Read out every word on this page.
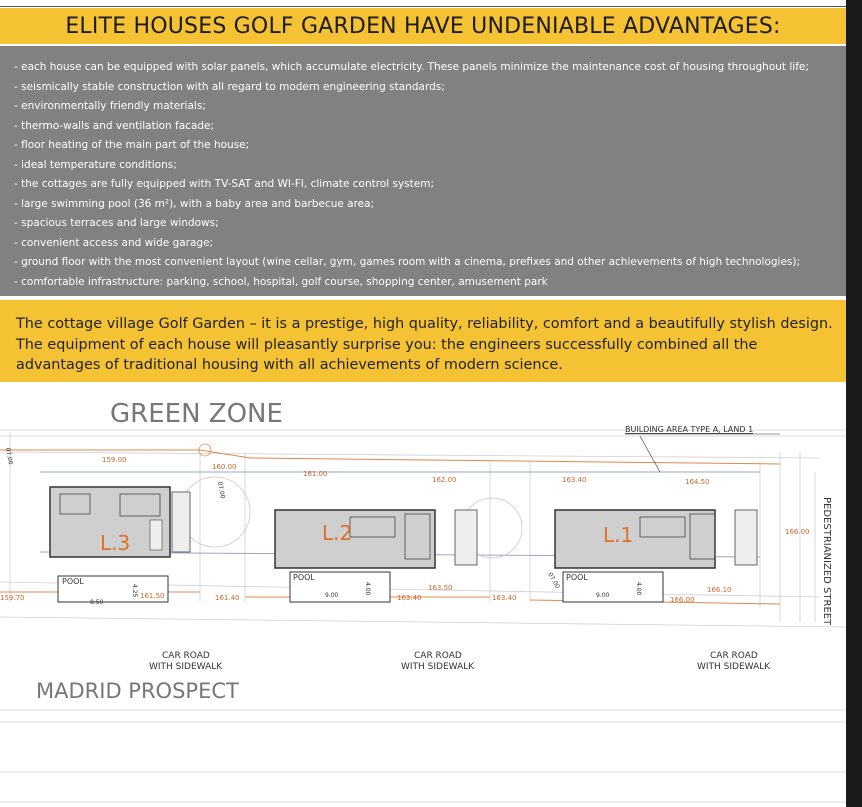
ELITE HOUSES GOLF GARDEN HAVE UNDENIABLE ADVANTAGES:
- each house can be equipped with solar panels, which accumulate electricity. These panels minimize the maintenance cost of housing throughout life;
- seismically stable construction with all regard to modern engineering standards;
- environmentally friendly materials;
- thermo-walls and ventilation facade;
- floor heating of the main part of the house;
- ideal temperature conditions;
- the cottages are fully equipped with TV-SAT and WI-FI, climate control system;
- large swimming pool (36 m²), with a baby area and barbecue area;
- spacious terraces and large windows;
- convenient access and wide garage;
- ground floor with the most convenient layout (wine cellar, gym, games room with a cinema, prefixes and other achievements of high technologies);
- comfortable infrastructure: parking, school, hospital, golf course, shopping center, amusement park

The cottage village Golf Garden – it is a prestige, high quality, reliability, comfort and a beautifully stylish design. The equipment of each house will pleasantly surprise you: the engineers successfully combined all the advantages of traditional housing with all achievements of modern science.

L.3	L.2	L.1
POOL	POOL	POOL
8.50
9.00	9.00
4.25	4.00	4.00
159.00
160.00
161.00
162.00	163.40	164.50
166.00
159.70	161.50	161.40	163.40
163.50
163.40	166.00
166.10
07.00
07.00
07.00
GREEN ZONE
BUILDING AREA TYPE A, LAND 1
PEDESTRIANIZED STREET
CAR ROAD
WITH SIDEWALK
CAR ROAD
WITH SIDEWALK
CAR ROAD
WITH SIDEWALK
MADRID PROSPECT
